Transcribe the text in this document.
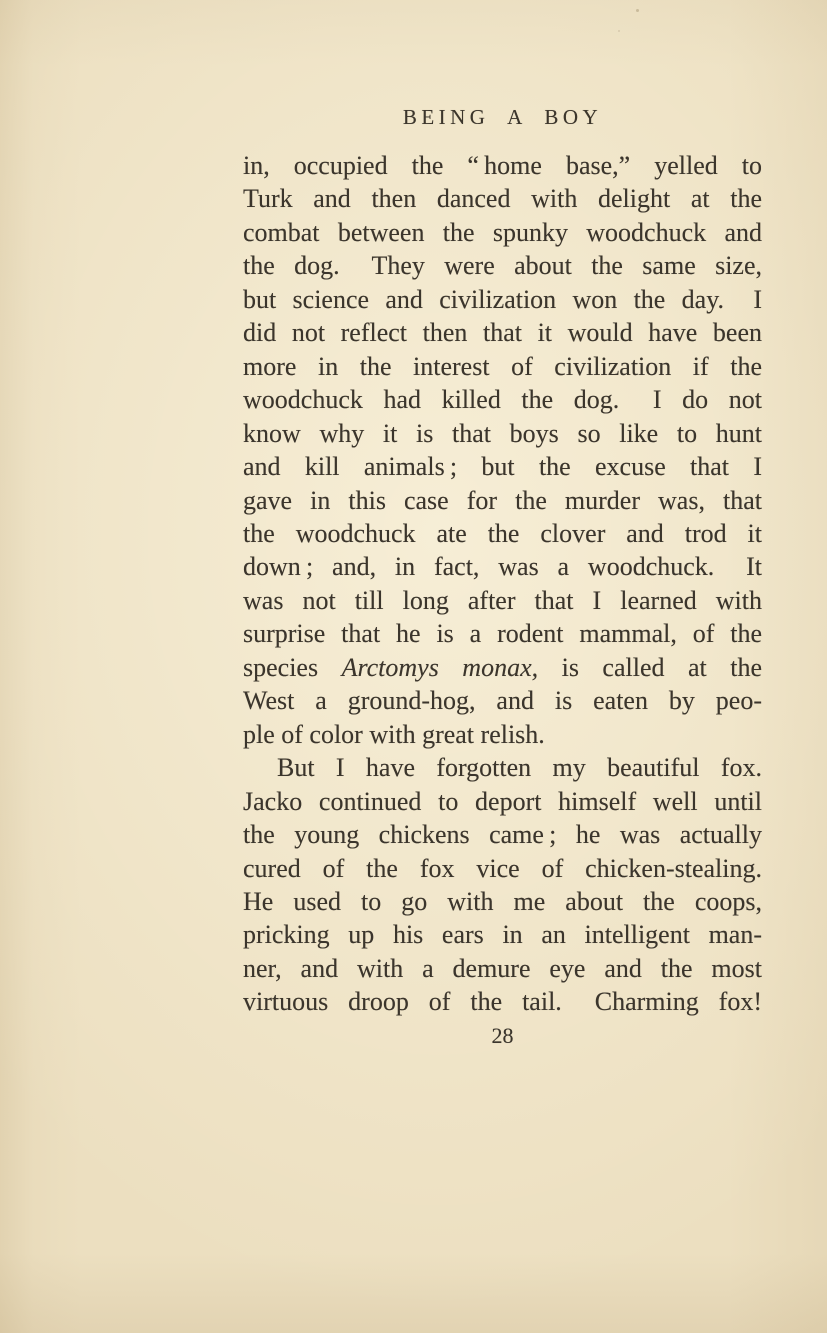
BEING A BOY
in, occupied the “ home base,” yelled to
Turk and then danced with delight at the
combat between the spunky woodchuck and
the dog.  They were about the same size,
but science and civilization won the day.  I
did not reflect then that it would have been
more in the interest of civilization if the
woodchuck had killed the dog.  I do not
know why it is that boys so like to hunt
and kill animals ; but the excuse that I
gave in this case for the murder was, that
the woodchuck ate the clover and trod it
down ; and, in fact, was a woodchuck.  It
was not till long after that I learned with
surprise that he is a rodent mammal, of the
species Arctomys monax, is called at the
West a ground-hog, and is eaten by peo-
ple of color with great relish.
But I have forgotten my beautiful fox.
Jacko continued to deport himself well until
the young chickens came ; he was actually
cured of the fox vice of chicken-stealing.
He used to go with me about the coops,
pricking up his ears in an intelligent man-
ner, and with a demure eye and the most
virtuous droop of the tail.  Charming fox!
28
